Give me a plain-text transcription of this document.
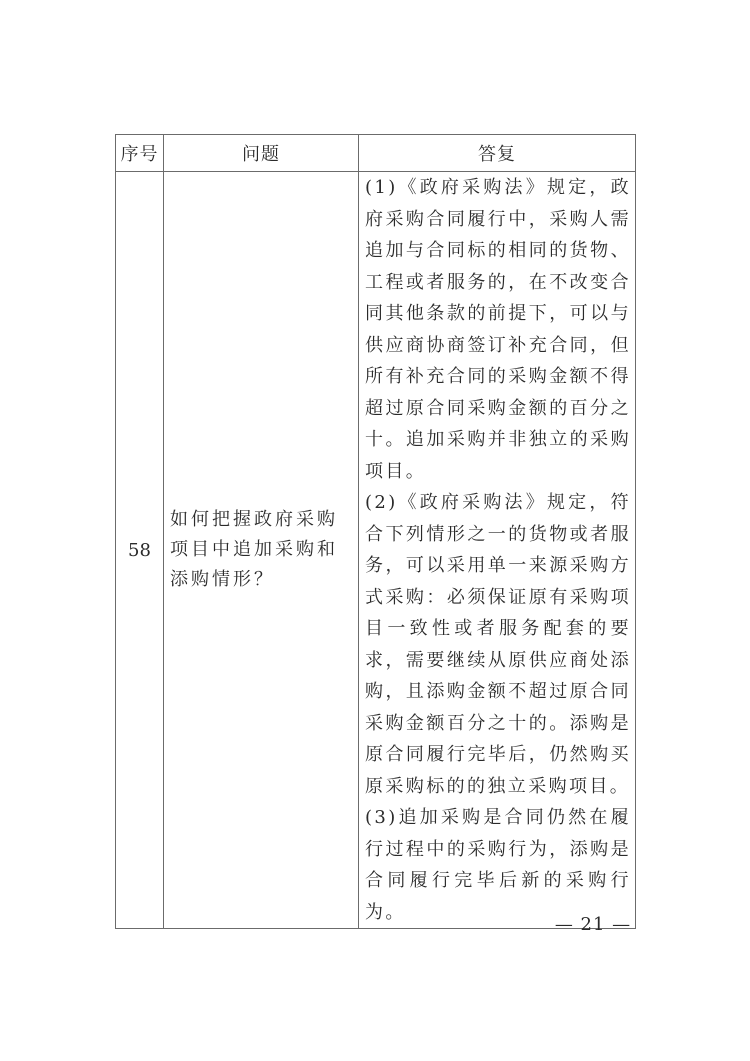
序号	问题	答复
58	如何把握政府采购项目中追加采购和添购情形？	(1)《政府采购法》规定，政府采购合同履行中，采购人需追加与合同标的相同的货物、工程或者服务的，在不改变合同其他条款的前提下，可以与供应商协商签订补充合同，但所有补充合同的采购金额不得超过原合同采购金额的百分之十。追加采购并非独立的采购项目。

(2)《政府采购法》规定，符合下列情形之一的货物或者服务，可以采用单一来源采购方式采购：必须保证原有采购项目一致性或者服务配套的要求，需要继续从原供应商处添购，且添购金额不超过原合同采购金额百分之十的。添购是原合同履行完毕后，仍然购买原采购标的的独立采购项目。

(3)追加采购是合同仍然在履行过程中的采购行为，添购是合同履行完毕后新的采购行为。

— 21 —
